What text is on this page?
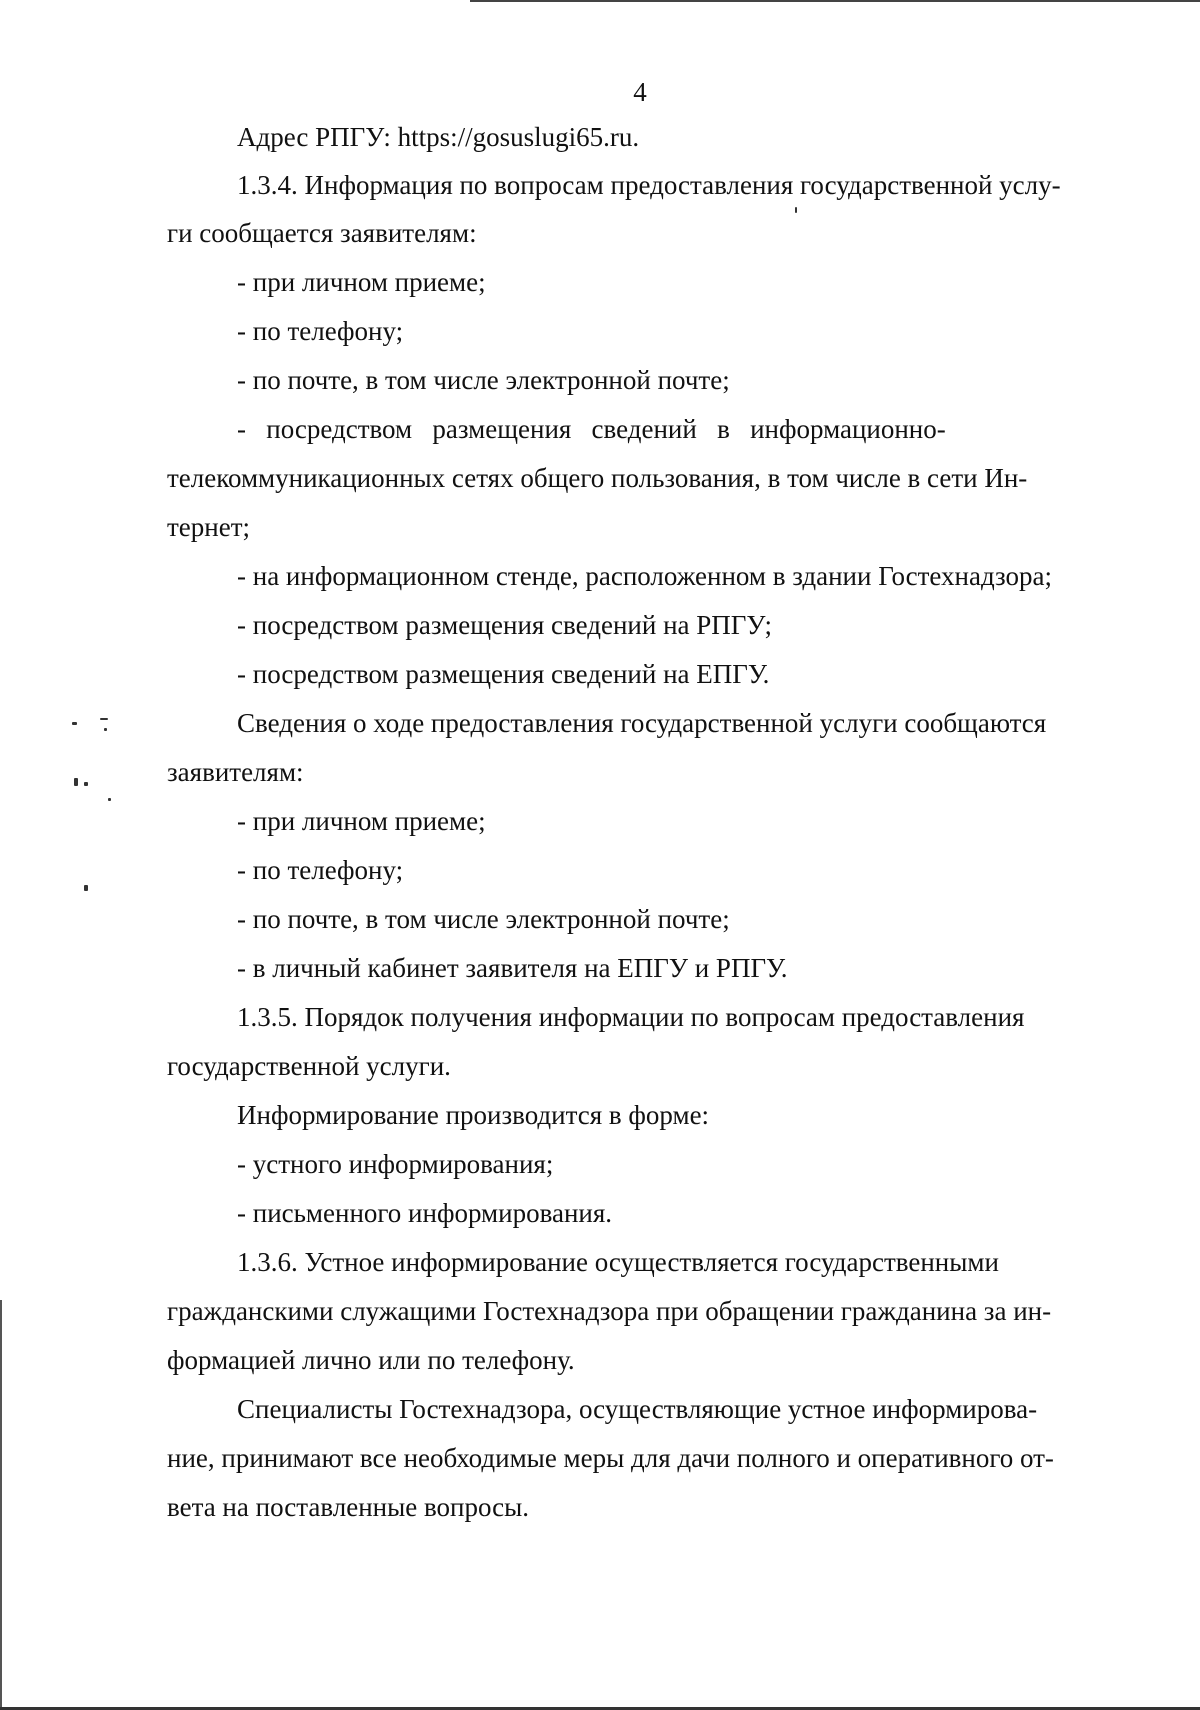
4
Адрес РПГУ: https://gosuslugi65.ru.
1.3.4. Информация по вопросам предоставления государственной услу-
ги сообщается заявителям:
- при личном приеме;
- по телефону;
- по почте, в том числе электронной почте;
-   посредством   размещения   сведений   в   информационно-
телекоммуникационных сетях общего пользования, в том числе в сети Ин-
тернет;
- на информационном стенде, расположенном в здании Гостехнадзора;
- посредством размещения сведений на РПГУ;
- посредством размещения сведений на ЕПГУ.
Сведения о ходе предоставления государственной услуги сообщаются
заявителям:
- при личном приеме;
- по телефону;
- по почте, в том числе электронной почте;
- в личный кабинет заявителя на ЕПГУ и РПГУ.
1.3.5. Порядок получения информации по вопросам предоставления
государственной услуги.
Информирование производится в форме:
- устного информирования;
- письменного информирования.
1.3.6. Устное информирование осуществляется государственными
гражданскими служащими Гостехнадзора при обращении гражданина за ин-
формацией лично или по телефону.
Специалисты Гостехнадзора, осуществляющие устное информирова-
ние, принимают все необходимые меры для дачи полного и оперативного от-
вета на поставленные вопросы.
